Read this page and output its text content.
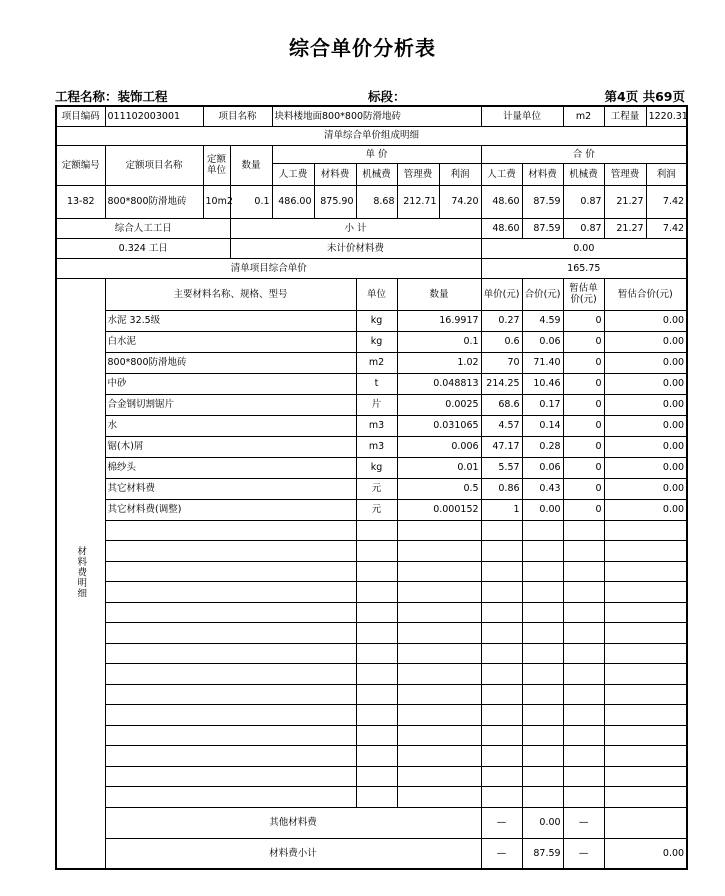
综合单价分析表
工程名称：装饰工程	标段：	第4页 共69页
项目编码	011102003001	项目名称		块料楼地面800*800防滑地砖					计量单位		m2	工程量	1220.31
清单综合单价组成明细													
定额编号	定额项目名称	定额单位	数量	单 价					合 价				
				人工费	材料费	机械费	管理费	利润	人工费	材料费	机械费	管理费	利润
13-82	800*800防滑地砖	10m2	0.1	486.00	875.90	8.68	212.71	74.20	48.60	87.59	0.87	21.27	7.42
综合人工工日			小 计						48.60	87.59	0.87	21.27	7.42
0.324 工日			未计价材料费						0.00				
清单项目综合单价									165.75				
材料费明细	主要材料名称、规格、型号					单位	数量		单价(元)	合价(元)	暂估单价(元)	暂估合价(元)	
	水泥 32.5级					kg	16.9917		0.27	4.59	0	0.00	
	白水泥					kg	0.1		0.6	0.06	0	0.00	
	800*800防滑地砖					m2	1.02		70	71.40	0	0.00	
	中砂					t	0.048813		214.25	10.46	0	0.00	
	合金钢切割锯片					片	0.0025		68.6	0.17	0	0.00	
	水					m3	0.031065		4.57	0.14	0	0.00	
	锯(木)屑					m3	0.006		47.17	0.28	0	0.00	
	棉纱头					kg	0.01		5.57	0.06	0	0.00	
	其它材料费					元	0.5		0.86	0.43	0	0.00	
	其它材料费(调整)					元	0.000152		1	0.00	0	0.00	

	其他材料费								—	0.00	—		
	材料费小计								—	87.59	—	0.00	
